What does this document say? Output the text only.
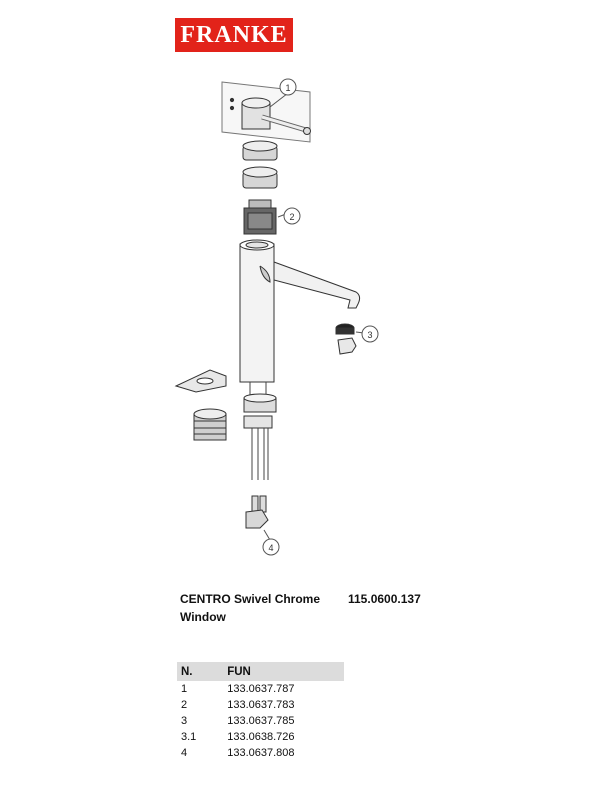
FRANKE
1
2
3
4
CENTRO Swivel Chrome
Window
115.0600.137
N.	FUN
1	133.0637.787
2	133.0637.783
3	133.0637.785
3.1	133.0638.726
4	133.0637.808
